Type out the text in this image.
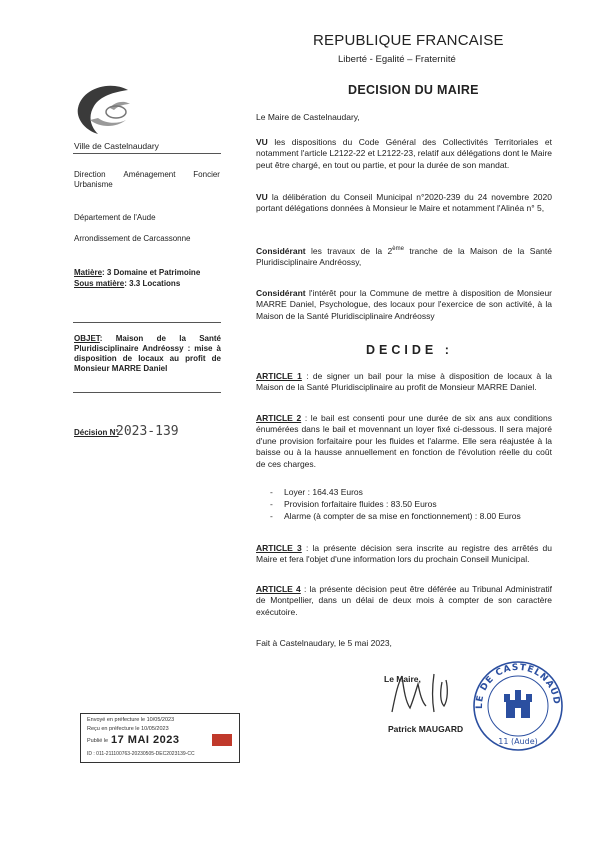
REPUBLIQUE FRANCAISE
Liberté - Egalité – Fraternité
DECISION DU MAIRE
Ville de Castelnaudary
Direction Aménagement Foncier
Urbanisme
Département de l'Aude
Arrondissement de Carcassonne
Matière: 3 Domaine et Patrimoine
Sous matière: 3.3 Locations
OBJET: Maison de la Santé Pluridisciplinaire Andréossy : mise à disposition de locaux au profit de Monsieur MARRE Daniel
Décision N°
2023-139
Le Maire de Castelnaudary,
VU les dispositions du Code Général des Collectivités Territoriales et notamment l'article L2122-22 et L2122-23, relatif aux délégations dont le Maire peut être chargé, en tout ou partie, et pour la durée de son mandat.
VU la délibération du Conseil Municipal n°2020-239 du 24 novembre 2020 portant délégations données à Monsieur le Maire et notamment l'Alinéa n° 5,
Considérant les travaux de la 2ème tranche de la Maison de la Santé Pluridisciplinaire Andréossy,
Considérant l'intérêt pour la Commune de mettre à disposition de Monsieur MARRE Daniel, Psychologue, des locaux pour l'exercice de son activité, à la Maison de la Santé Pluridisciplinaire Andréossy
DECIDE :
ARTICLE 1 : de signer un bail pour la mise à disposition de locaux à la Maison de la Santé Pluridisciplinaire au profit de Monsieur MARRE Daniel.
ARTICLE 2 : le bail est consenti pour une durée de six ans aux conditions énumérées dans le bail et movennant un loyer fixé ci-dessous. Il sera majoré d'une provision forfaitaire pour les fluides et l'alarme. Elle sera réajustée à la baisse ou à la hausse annuellement en fonction de l'évolution réelle du coût de ces charges.
- Loyer : 164.43 Euros
- Provision forfaitaire fluides : 83.50 Euros
- Alarme (à compter de sa mise en fonctionnement) : 8.00 Euros
ARTICLE 3 : la présente décision sera inscrite au registre des arrêtés du Maire et fera l'objet d'une information lors du prochain Conseil Municipal.
ARTICLE 4 : la présente décision peut être déférée au Tribunal Administratif de Montpellier, dans un délai de deux mois à compter de son caractère exécutoire.
Fait à Castelnaudary, le 5 mai 2023,
Le Maire,
Patrick MAUGARD
LE DE CASTELNAUD
11 (Aude)
Envoyé en préfecture le 10/05/2023
Reçu en préfecture le 10/05/2023
Publié le 17 MAI 2023
ID : 011-211100763-20230505-DEC2023139-CC
